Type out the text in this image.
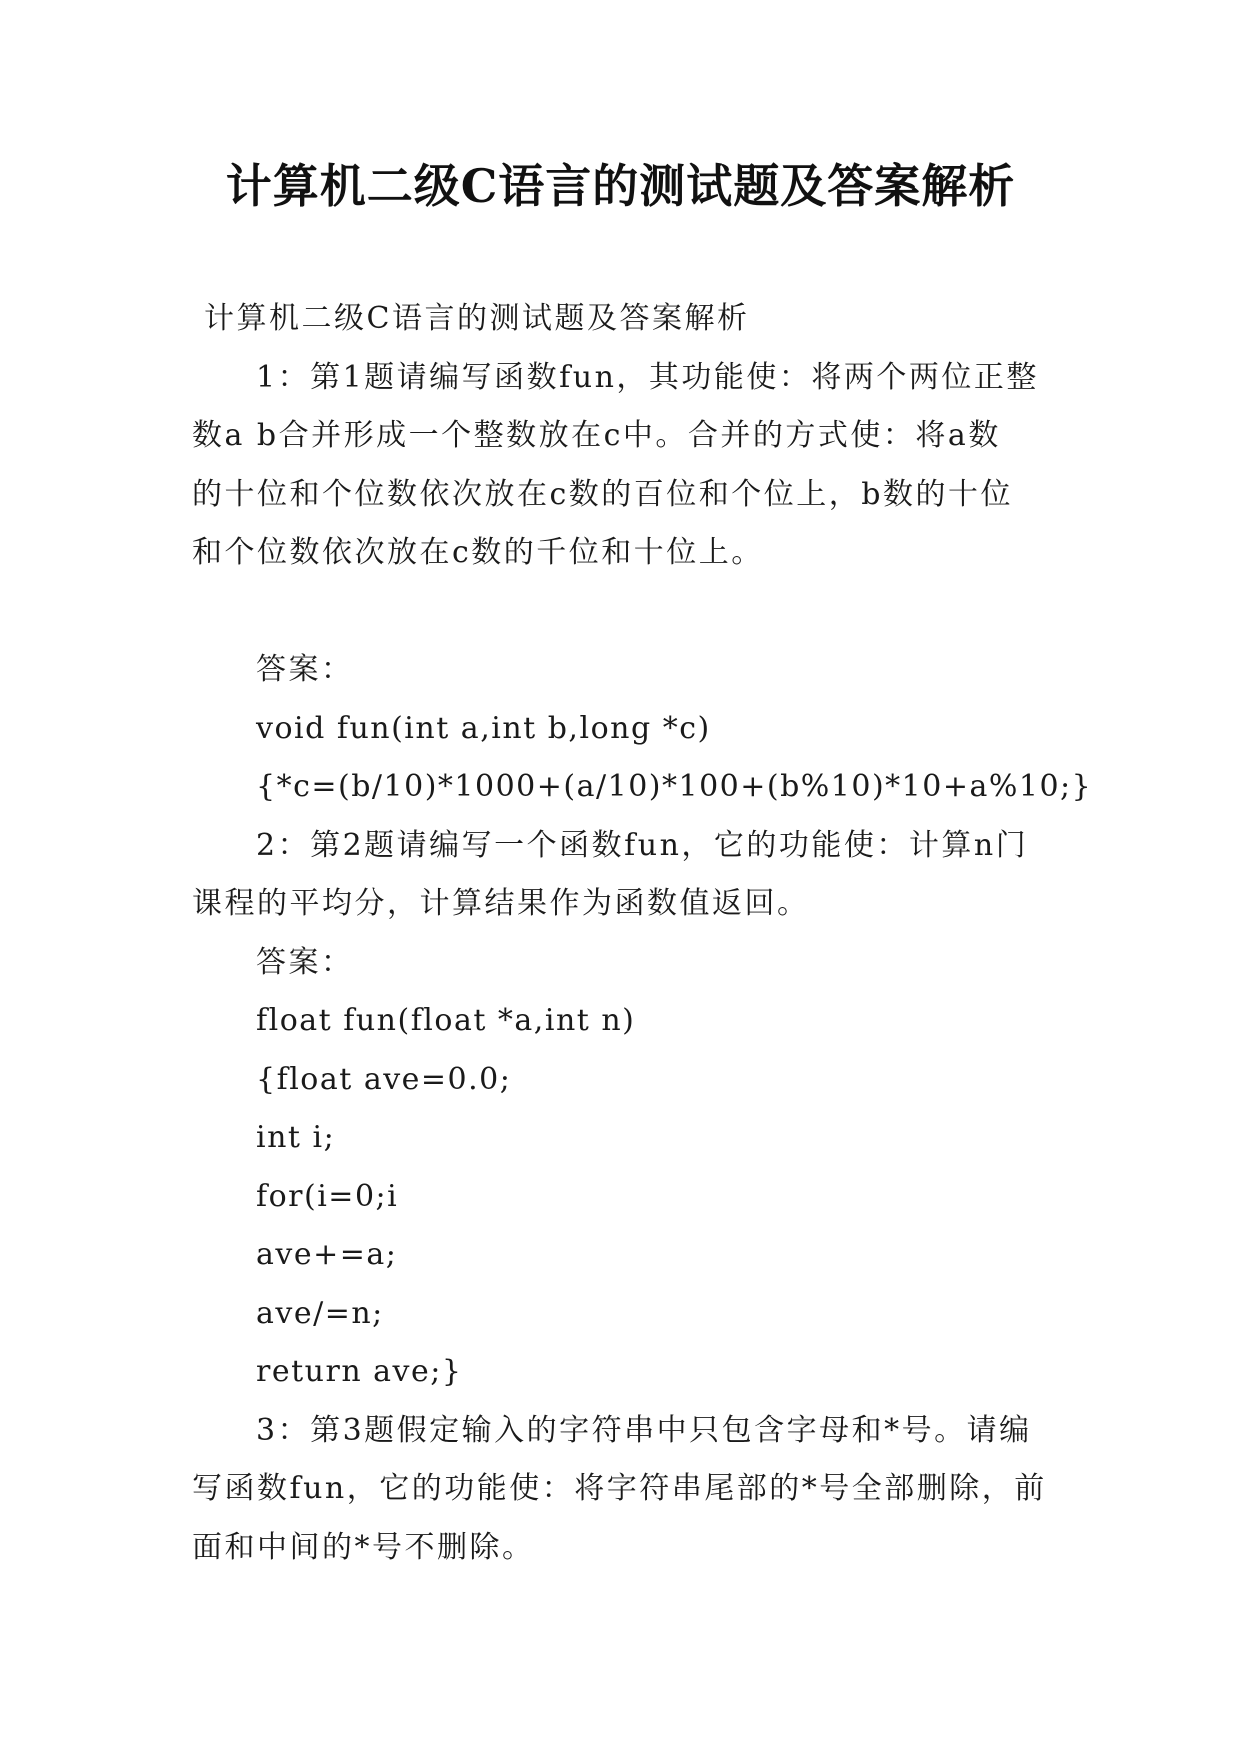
计算机二级C语言的测试题及答案解析

计算机二级C语言的测试题及答案解析

1：第1题请编写函数fun，其功能使：将两个两位正整

数a b合并形成一个整数放在c中。合并的方式使：将a数

的十位和个位数依次放在c数的百位和个位上，b数的十位

和个位数依次放在c数的千位和十位上。

答案：

void fun(int a,int b,long *c)

{*c=(b/10)*1000+(a/10)*100+(b%10)*10+a%10;}

2：第2题请编写一个函数fun，它的功能使：计算n门

课程的平均分，计算结果作为函数值返回。

答案：

float fun(float *a,int n)

{float ave=0.0;

int i;

for(i=0;i

ave+=a;

ave/=n;

return ave;}

3：第3题假定输入的字符串中只包含字母和*号。请编

写函数fun，它的功能使：将字符串尾部的*号全部删除，前

面和中间的*号不删除。
